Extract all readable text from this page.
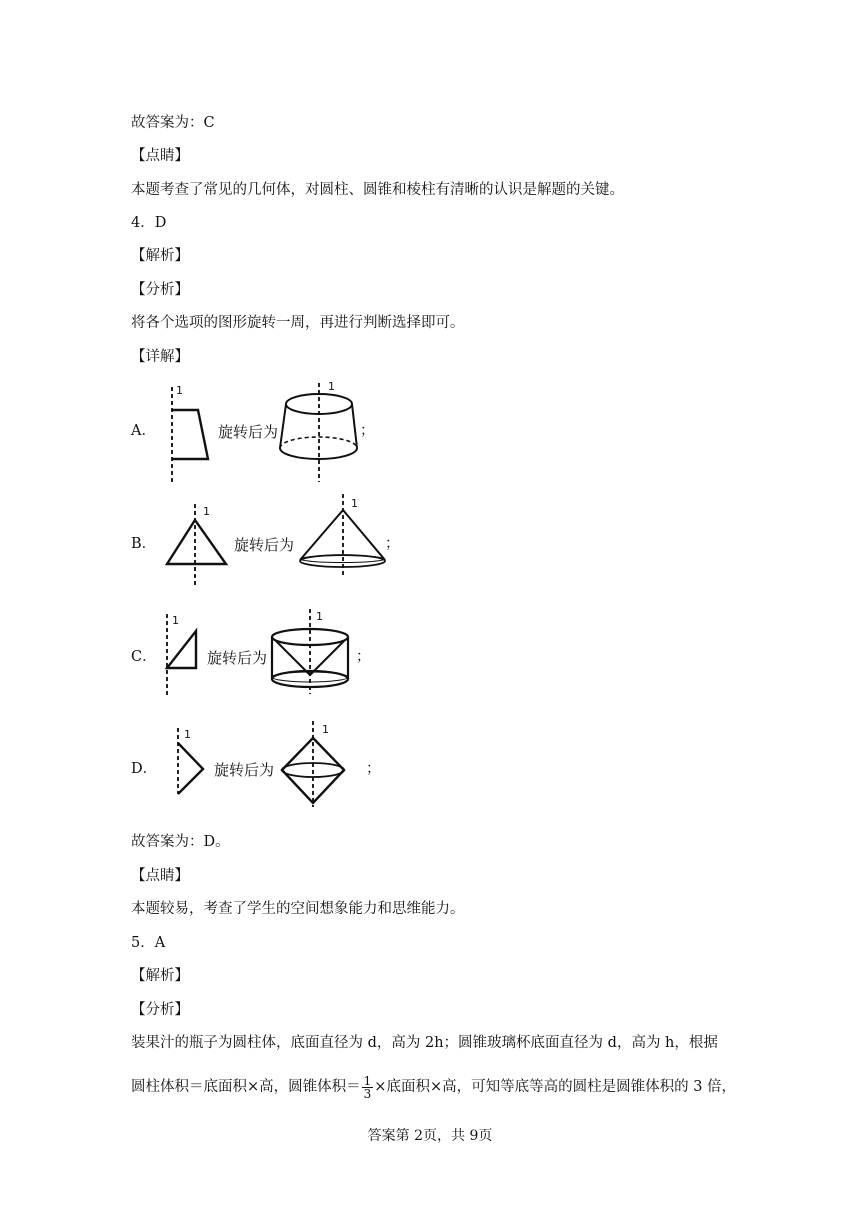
故答案为：C
【点睛】
本题考查了常见的几何体，对圆柱、圆锥和棱柱有清晰的认识是解题的关键。
4．D
【解析】
【分析】
将各个选项的图形旋转一周，再进行判断选择即可。
【详解】
A．
1
旋转后为
1
；
B．
1
旋转后为
1
；
C．
1
旋转后为
1
；
D．
1
旋转后为
1
；
故答案为：D。
【点睛】
本题较易，考查了学生的空间想象能力和思维能力。
5．A
【解析】
【分析】
装果汁的瓶子为圆柱体，底面直径为 d，高为 2h；圆锥玻璃杯底面直径为 d，高为 h，根据
圆柱体积＝底面积×高，圆锥体积＝ $\frac{1}{3}$ ×底面积×高，可知等底等高的圆柱是圆锥体积的 3 倍，
答案第 2页，共 9页
